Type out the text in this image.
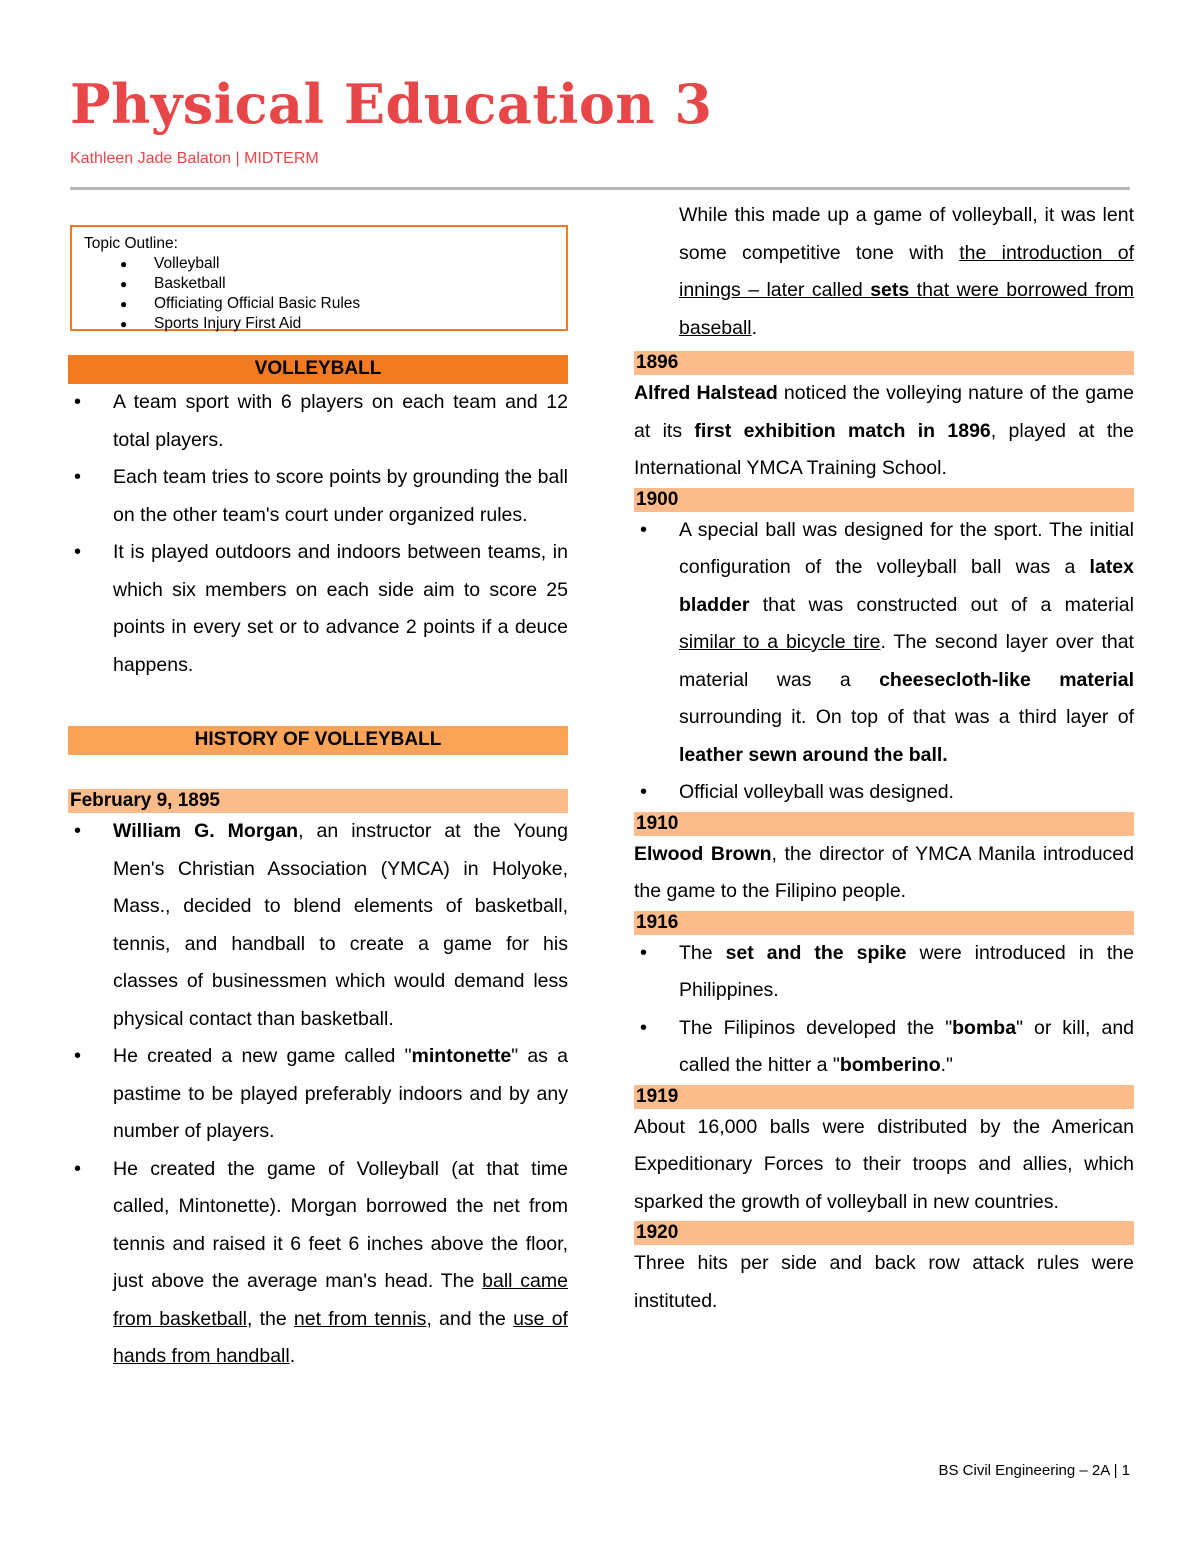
Physical Education 3
Kathleen Jade Balaton | MIDTERM
Topic Outline:
● Volleyball
● Basketball
● Officiating Official Basic Rules
● Sports Injury First Aid
VOLLEYBALL
• A team sport with 6 players on each team and 12 total players.
• Each team tries to score points by grounding the ball on the other team's court under organized rules.
• It is played outdoors and indoors between teams, in which six members on each side aim to score 25 points in every set or to advance 2 points if a deuce happens.
HISTORY OF VOLLEYBALL
February 9, 1895
• William G. Morgan, an instructor at the Young Men's Christian Association (YMCA) in Holyoke, Mass., decided to blend elements of basketball, tennis, and handball to create a game for his classes of businessmen which would demand less physical contact than basketball.
• He created a new game called "mintonette" as a pastime to be played preferably indoors and by any number of players.
• He created the game of Volleyball (at that time called, Mintonette). Morgan borrowed the net from tennis and raised it 6 feet 6 inches above the floor, just above the average man's head. The ball came from basketball, the net from tennis, and the use of hands from handball.

While this made up a game of volleyball, it was lent some competitive tone with the introduction of innings – later called sets that were borrowed from baseball.

1896

Alfred Halstead noticed the volleying nature of the game at its first exhibition match in 1896, played at the International YMCA Training School.

1900
• A special ball was designed for the sport. The initial configuration of the volleyball ball was a latex bladder that was constructed out of a material similar to a bicycle tire. The second layer over that material was a cheesecloth-like material surrounding it. On top of that was a third layer of leather sewn around the ball.
• Official volleyball was designed.
1910

Elwood Brown, the director of YMCA Manila introduced the game to the Filipino people.

1916
• The set and the spike were introduced in the Philippines.
• The Filipinos developed the "bomba" or kill, and called the hitter a "bomberino."
1919

About 16,000 balls were distributed by the American Expeditionary Forces to their troops and allies, which sparked the growth of volleyball in new countries.

1920

Three hits per side and back row attack rules were instituted.

BS Civil Engineering – 2A | 1
